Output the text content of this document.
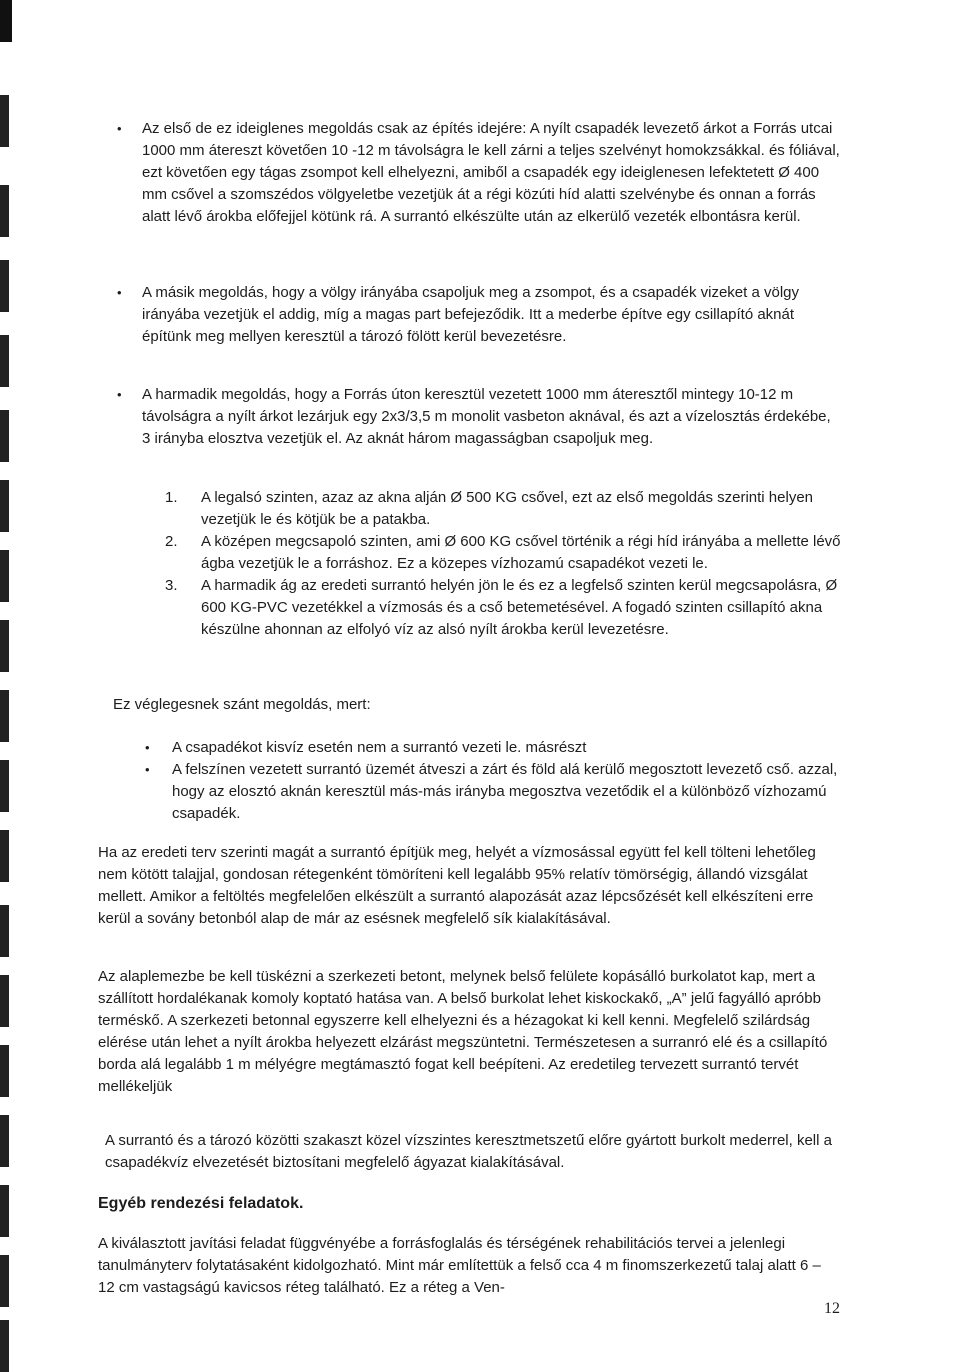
• Az első de ez ideiglenes megoldás csak az építés idejére: A nyílt csapadék levezető árkot a Forrás utcai 1000 mm átereszt követően 10 -12 m távolságra le kell zárni a teljes szelvényt homokzsákkal. és fóliával, ezt követően egy tágas zsompot kell elhelyezni, amiből a csapadék egy ideiglenesen lefektetett Ø 400 mm csővel a szomszédos völgyeletbe vezetjük át a régi közúti híd alatti szelvénybe és onnan a forrás alatt lévő árokba előfejjel kötünk rá. A surrantó elkészülte után az elkerülő vezeték elbontásra kerül.

• A másik megoldás, hogy a völgy irányába csapoljuk meg a zsompot, és a csapadék vizeket a völgy irányába vezetjük el addig, míg a magas part befejeződik. Itt a mederbe építve egy csillapító aknát építünk meg mellyen keresztül a tározó fölött kerül bevezetésre.

• A harmadik megoldás, hogy a Forrás úton keresztül vezetett 1000 mm áteresztől mintegy 10-12 m távolságra a nyílt árkot lezárjuk egy 2x3/3,5 m monolit vasbeton aknával, és azt a vízelosztás érdekébe, 3 irányba elosztva vezetjük el. Az aknát három magasságban csapoljuk meg.

1. A legalsó szinten, azaz az akna alján Ø 500 KG csővel, ezt az első megoldás szerinti helyen vezetjük le és kötjük be a patakba.

2. A középen megcsapoló szinten, ami Ø 600 KG csővel történik a régi híd irányába a mellette lévő ágba vezetjük le a forráshoz. Ez a közepes vízhozamú csapadékot vezeti le.

3. A harmadik ág az eredeti surrantó helyén jön le és ez a legfelső szinten kerül megcsapolásra, Ø 600 KG-PVC vezetékkel a vízmosás és a cső betemetésével. A fogadó szinten csillapító akna készülne ahonnan az elfolyó víz az alsó nyílt árokba kerül levezetésre.

Ez véglegesnek szánt megoldás, mert:

• A csapadékot kisvíz esetén nem a surrantó vezeti le. másrészt

• A felszínen vezetett surrantó üzemét átveszi a zárt és föld alá kerülő megosztott levezető cső. azzal, hogy az elosztó aknán keresztül más-más irányba megosztva vezetődik el a különböző vízhozamú csapadék.

Ha az eredeti terv szerinti magát a surrantó építjük meg, helyét a vízmosással együtt fel kell tölteni lehetőleg nem kötött talajjal, gondosan rétegenként tömöríteni kell legalább 95% relatív tömörségig, állandó vizsgálat mellett. Amikor a feltöltés megfelelően elkészült a surrantó alapozását azaz lépcsőzését kell elkészíteni erre kerül a sovány betonból alap de már az esésnek megfelelő sík kialakításával.

Az alaplemezbe be kell tüskézni a szerkezeti betont, melynek belső felülete kopásálló burkolatot kap, mert a szállított hordalékanak komoly koptató hatása van. A belső burkolat lehet kiskockakő, „A” jelű fagyálló apróbb terméskő. A szerkezeti betonnal egyszerre kell elhelyezni és a hézagokat ki kell kenni. Megfelelő szilárdság elérése után lehet a nyílt árokba helyezett elzárást megszüntetni. Természetesen a surranró elé és a csillapító borda alá legalább 1 m mélyégre megtámasztó fogat kell beépíteni. Az eredetileg tervezett surrantó tervét mellékeljük

A surrantó és a tározó közötti szakaszt közel vízszintes keresztmetszetű előre gyártott burkolt mederrel, kell a csapadékvíz elvezetését biztosítani megfelelő ágyazat kialakításával.

Egyéb rendezési feladatok.

A kiválasztott javítási feladat függvényébe a forrásfoglalás és térségének rehabilitációs tervei a jelenlegi tanulmányterv folytatásaként kidolgozható. Mint már említettük a felső cca 4 m finomszerkezetű talaj alatt 6 – 12 cm vastagságú kavicsos réteg található. Ez a réteg a Ven-

12
